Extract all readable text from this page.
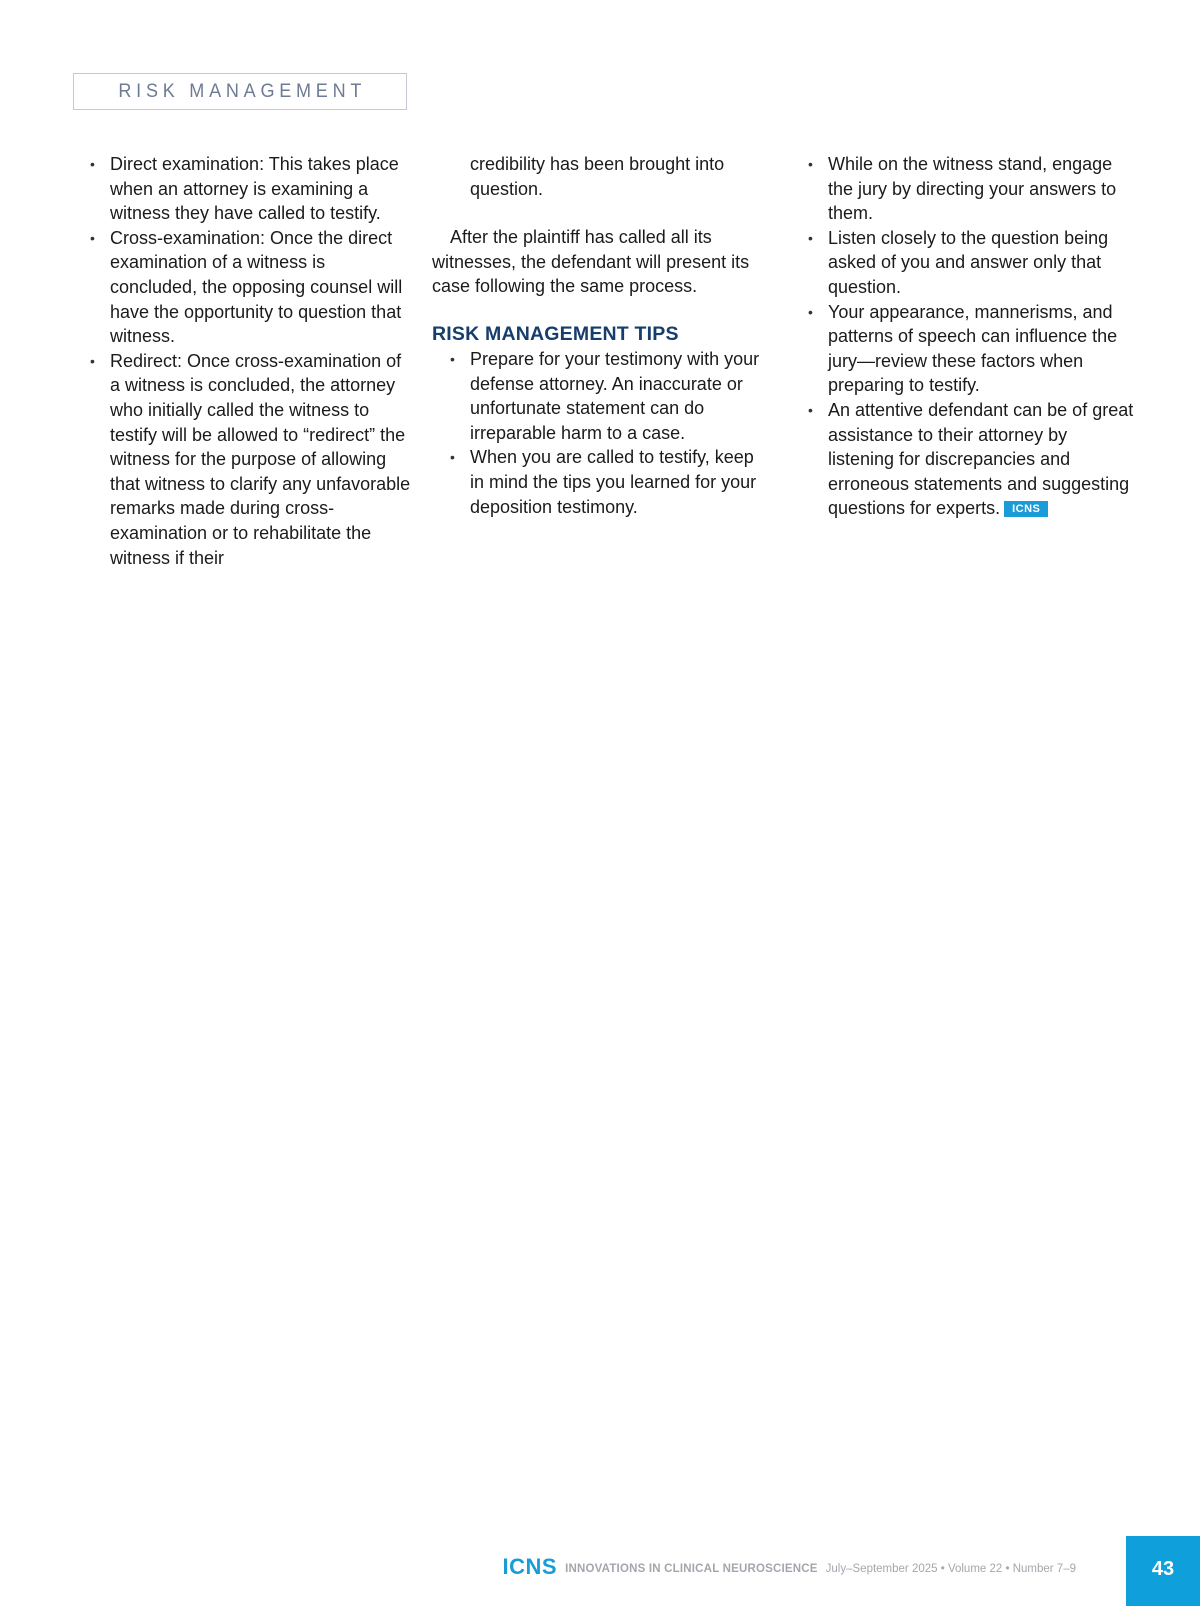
RISK MANAGEMENT
• Direct examination: This takes place when an attorney is examining a witness they have called to testify.
• Cross-examination: Once the direct examination of a witness is concluded, the opposing counsel will have the opportunity to question that witness.
• Redirect: Once cross-examination of a witness is concluded, the attorney who initially called the witness to testify will be allowed to “redirect” the witness for the purpose of allowing that witness to clarify any unfavorable remarks made during cross-examination or to rehabilitate the witness if their

credibility has been brought into question.

After the plaintiff has called all its witnesses, the defendant will present its case following the same process.

RISK MANAGEMENT TIPS
• Prepare for your testimony with your defense attorney. An inaccurate or unfortunate statement can do irreparable harm to a case.
• When you are called to testify, keep in mind the tips you learned for your deposition testimony.
• While on the witness stand, engage the jury by directing your answers to them.
• Listen closely to the question being asked of you and answer only that question.
• Your appearance, mannerisms, and patterns of speech can influence the jury—review these factors when preparing to testify.
• An attentive defendant can be of great assistance to their attorney by listening for discrepancies and erroneous statements and suggesting questions for experts. ICNS
ICNS INNOVATIONS IN CLINICAL NEUROSCIENCE July–September 2025 • Volume 22 • Number 7–9	43
